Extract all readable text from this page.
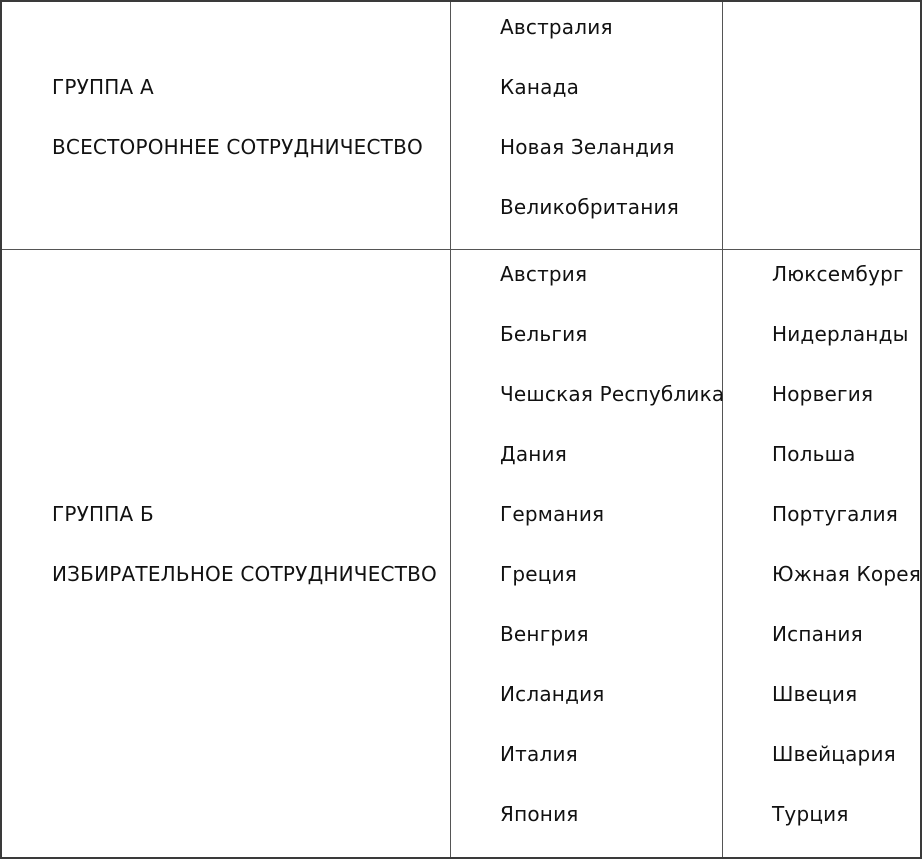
ГРУППА А
ВСЕСТОРОННЕЕ СОТРУДНИЧЕСТВО
Австралия
Канада
Новая Зеландия
Великобритания
ГРУППА Б
ИЗБИРАТЕЛЬНОЕ СОТРУДНИЧЕСТВО
Австрия
Бельгия
Чешская Республика
Дания
Германия
Греция
Венгрия
Исландия
Италия
Япония
Люксембург
Нидерланды
Норвегия
Польша
Португалия
Южная Корея
Испания
Швеция
Швейцария
Турция
